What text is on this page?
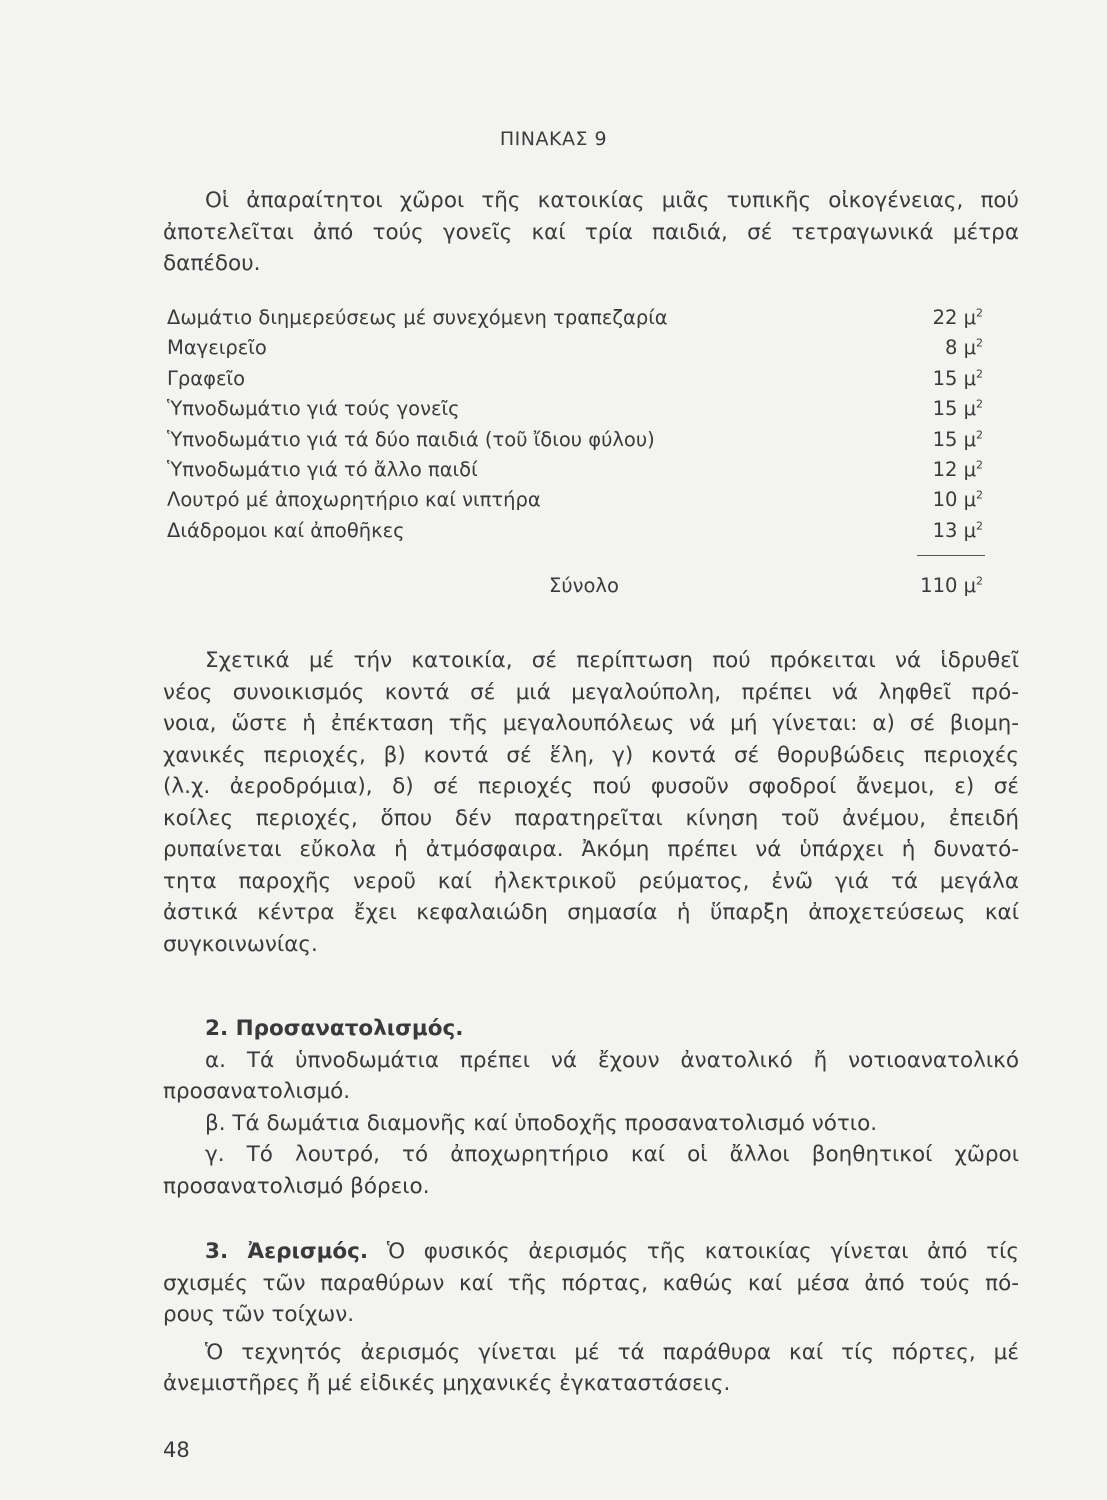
ΠΙΝΑΚΑΣ 9
Οἱ ἀπαραίτητοι χῶροι τῆς κατοικίας μιᾶς τυπικῆς οἰκογένειας, πού
ἀποτελεῖται ἀπό τούς γονεῖς καί τρία παιδιά, σέ τετραγωνικά μέτρα
δαπέδου.
Δωμάτιο διημερεύσεως μέ συνεχόμενη τραπεζαρία	22 $\mu^2$
Μαγειρεῖο	8 $\mu^2$
Γραφεῖο	15 $\mu^2$
Ὑπνοδωμάτιο γιά τούς γονεῖς	15 $\mu^2$
Ὑπνοδωμάτιο γιά τά δύο παιδιά (τοῦ ἴδιου φύλου)	15 $\mu^2$
Ὑπνοδωμάτιο γιά τό ἄλλο παιδί	12 $\mu^2$
Λουτρό μέ ἀποχωρητήριο καί νιπτήρα	10 $\mu^2$
Διάδρομοι καί ἀποθῆκες	13 $\mu^2$
Σύνολο	110 $\mu^2$
Σχετικά μέ τήν κατοικία, σέ περίπτωση πού πρόκειται νά ἱδρυθεῖ
νέος συνοικισμός κοντά σέ μιά μεγαλούπολη, πρέπει νά ληφθεῖ πρό-
νοια, ὥστε ἡ ἐπέκταση τῆς μεγαλουπόλεως νά μή γίνεται: α) σέ βιομη-
χανικές περιοχές, β) κοντά σέ ἕλη, γ) κοντά σέ θορυβώδεις περιοχές
(λ.χ. ἀεροδρόμια), δ) σέ περιοχές πού φυσοῦν σφοδροί ἄνεμοι, ε) σέ
κοίλες περιοχές, ὅπου δέν παρατηρεῖται κίνηση τοῦ ἀνέμου, ἐπειδή
ρυπαίνεται εὔκολα ἡ ἀτμόσφαιρα. Ἀκόμη πρέπει νά ὑπάρχει ἡ δυνατό-
τητα παροχῆς νεροῦ καί ἠλεκτρικοῦ ρεύματος, ἐνῶ γιά τά μεγάλα
ἀστικά κέντρα ἔχει κεφαλαιώδη σημασία ἡ ὕπαρξη ἀποχετεύσεως καί
συγκοινωνίας.
2. Προσανατολισμός.
α. Τά ὑπνοδωμάτια πρέπει νά ἔχουν ἀνατολικό ἤ νοτιοανατολικό
προσανατολισμό.
β. Τά δωμάτια διαμονῆς καί ὑποδοχῆς προσανατολισμό νότιο.
γ. Τό λουτρό, τό ἀποχωρητήριο καί οἱ ἄλλοι βοηθητικοί χῶροι
προσανατολισμό βόρειο.
3. Ἀερισμός. Ὁ φυσικός ἀερισμός τῆς κατοικίας γίνεται ἀπό τίς
σχισμές τῶν παραθύρων καί τῆς πόρτας, καθώς καί μέσα ἀπό τούς πό-
ρους τῶν τοίχων.
Ὁ τεχνητός ἀερισμός γίνεται μέ τά παράθυρα καί τίς πόρτες, μέ
ἀνεμιστῆρες ἤ μέ εἰδικές μηχανικές ἐγκαταστάσεις.
48
